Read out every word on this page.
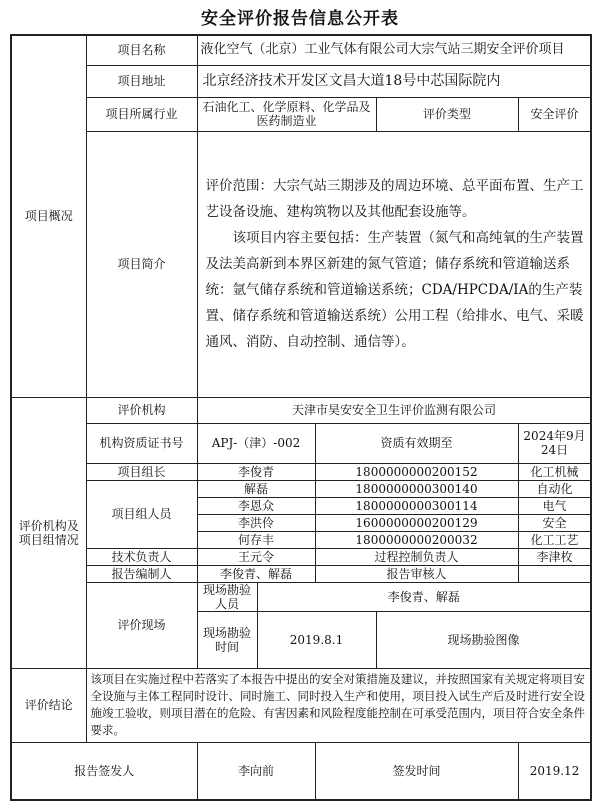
安全评价报告信息公开表
项目概况	项目名称	液化空气（北京）工业气体有限公司大宗气站三期安全评价项目					
	项目地址	北京经济技术开发区文昌大道18号中芯国际院内					
	项目所属行业	石油化工、化学原料、化学品及医药制造业			评价类型	安全评价	
	项目简介	评价范围：大宗气站三期涉及的周边环境、总平面布置、生产工艺设备设施、建构筑物以及其他配套设施等。

该项目内容主要包括：生产装置（氮气和高纯氧的生产装置及法美高新到本界区新建的氮气管道；储存系统和管道输送系统：氩气储存系统和管道输送系统；CDA/HPCDA/IA的生产装置、储存系统和管道输送系统）公用工程（给排水、电气、采暖通风、消防、自动控制、通信等）。					

评价机构及项目组情况	评价机构	天津市昊安安全卫生评价监测有限公司					
	机构资质证书号	APJ-（津）-002		资质有效期至		2024年9月24日	
	项目组长	李俊青		1800000000200152		化工机械	
	项目组人员	解磊		1800000000300140		自动化	
		李恩众		1800000000300114		电气	
		李洪伶		1600000000200129		安全	
		何存丰		1800000000200032		化工工艺	
	技术负责人	王元令		过程控制负责人		李津枚	
	报告编制人	李俊青、解磊		报告审核人			
	评价现场	现场勘验人员	李俊青、解磊				
		现场勘验时间	2019.8.1		现场勘验图像	
评价结论	该项目在实施过程中若落实了本报告中提出的安全对策措施及建议，并按照国家有关规定将项目安全设施与主体工程同时设计、同时施工、同时投入生产和使用，项目投入试生产后及时进行安全设施竣工验收，则项目潜在的危险、有害因素和风险程度能控制在可承受范围内，项目符合安全条件要求。						
报告签发人		李向前		签发时间		2019.12	
